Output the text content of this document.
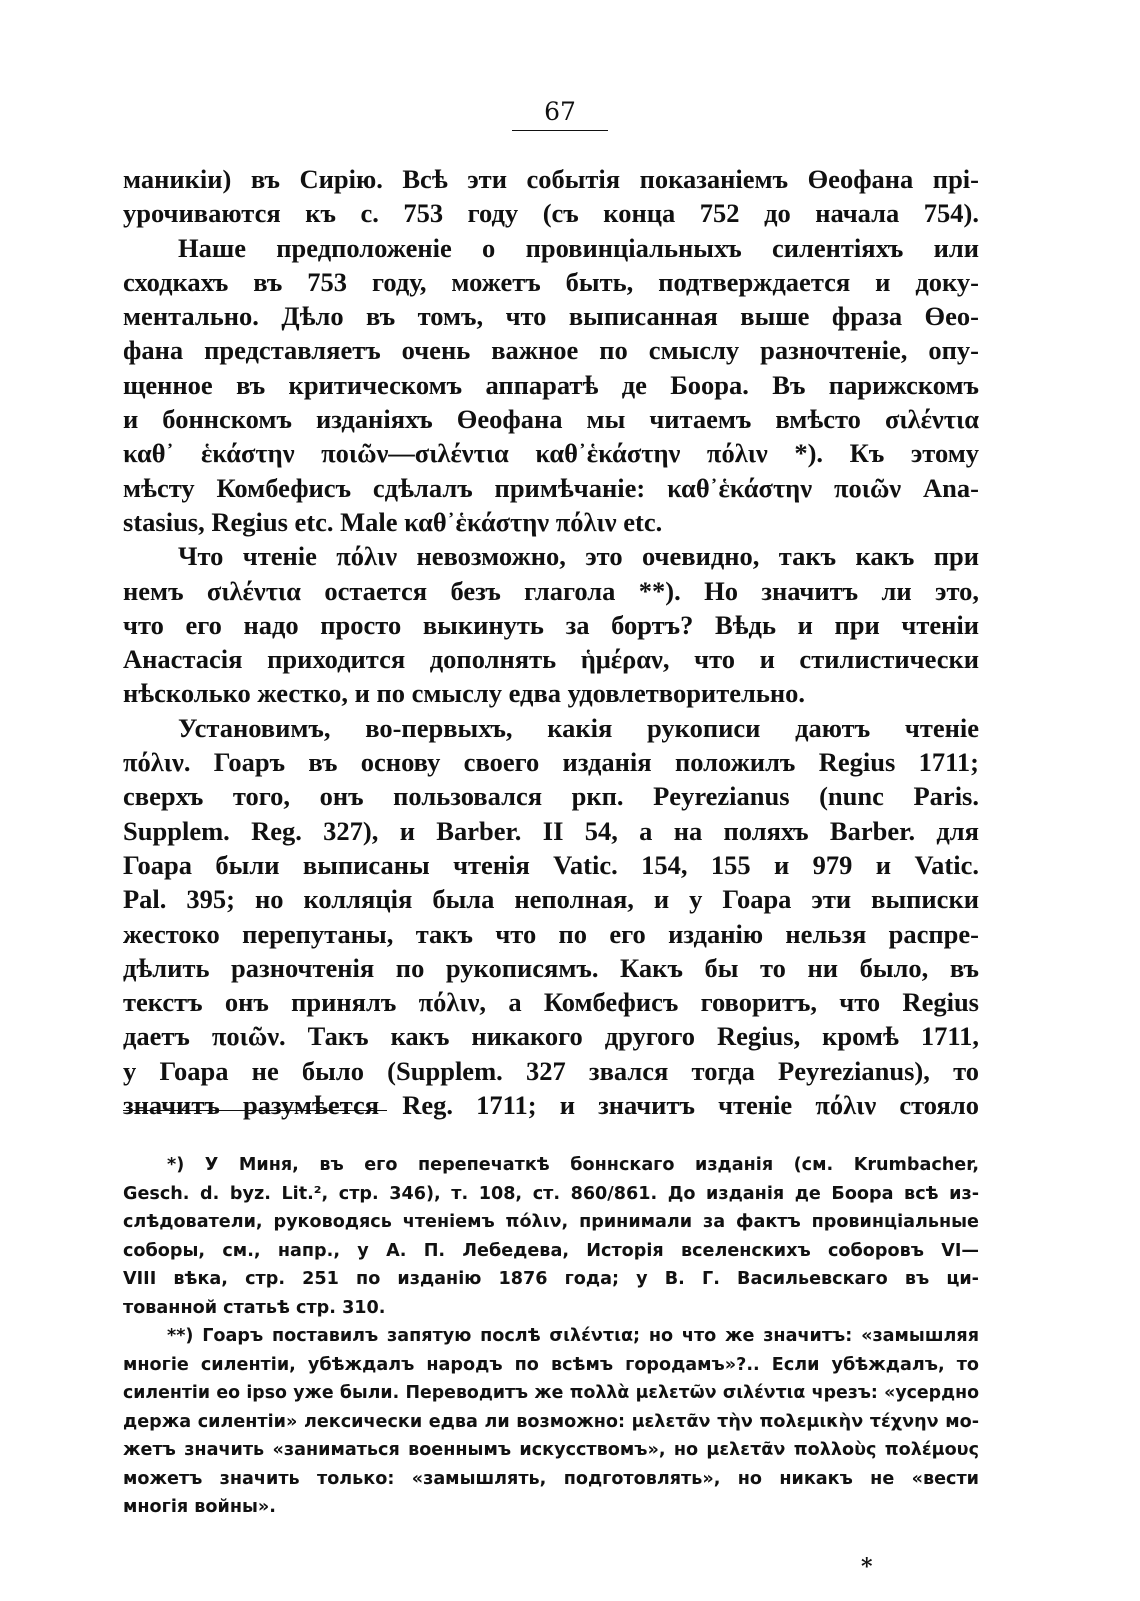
67
маникіи) въ Сирію. Всѣ эти событія показаніемъ Өеофана прі-
урочиваются къ с. 753 году (съ конца 752 до начала 754).
Наше предположеніе о провинціальныхъ силентіяхъ или
сходкахъ въ 753 году, можетъ быть, подтверждается и доку-
ментально. Дѣло въ томъ, что выписанная выше фраза Өео-
фана представляетъ очень важное по смыслу разночтеніе, опу-
щенное въ критическомъ аппаратѣ де Боора. Въ парижскомъ
и боннскомъ изданіяхъ Өеофана мы читаемъ вмѣсто σιλέντια
καθ᾽ ἑκάστην ποιῶν—σιλέντια καθ᾽ἑκάστην πόλιν *). Къ этому
мѣсту Комбефисъ сдѣлалъ примѣчаніе: καθ᾽ἑκάστην ποιῶν Ana-
stasius, Regius etc. Male καθ᾽ἑκάστην πόλιν etc.
Что чтеніе πόλιν невозможно, это очевидно, такъ какъ при
немъ σιλέντια остается безъ глагола **). Но значитъ ли это,
что его надо просто выкинуть за бортъ? Вѣдь и при чтеніи
Анастасія приходится дополнять ἡμέραν, что и стилистически
нѣсколько жестко, и по смыслу едва удовлетворительно.
Установимъ, во-первыхъ, какія рукописи даютъ чтеніе
πόλιν. Гоаръ въ основу своего изданія положилъ Regius 1711;
сверхъ того, онъ пользовался ркп. Peyrezianus (nunc Paris.
Supplem. Reg. 327), и Barber. II 54, а на поляхъ Barber. для
Гоара были выписаны чтенія Vatic. 154, 155 и 979 и Vatic.
Pal. 395; но колляція была неполная, и у Гоара эти выписки
жестоко перепутаны, такъ что по его изданію нельзя распре-
дѣлить разночтенія по рукописямъ. Какъ бы то ни было, въ
текстъ онъ принялъ πόλιν, а Комбефисъ говоритъ, что Regius
даетъ ποιῶν. Такъ какъ никакого другого Regius, кромѣ 1711,
у Гоара не было (Supplem. 327 звался тогда Peyrezianus), то
значитъ разумѣется Reg. 1711; и значитъ чтеніе πόλιν стояло
*) У Миня, въ его перепечаткѣ боннскаго изданія (см. Krumbacher,
Gesch. d. byz. Lit.², стр. 346), т. 108, ст. 860/861. До изданія де Боора всѣ из-
слѣдователи, руководясь чтеніемъ πόλιν, принимали за фактъ провинціальные
соборы, см., напр., у А. П. Лебедева, Исторія вселенскихъ соборовъ VI—
VIII вѣка, стр. 251 по изданію 1876 года; у В. Г. Васильевскаго въ ци-
тованной статьѣ стр. 310.
**) Гоаръ поставилъ запятую послѣ σιλέντια; но что же значитъ: «замышляя
многіе силентіи, убѣждалъ народъ по всѣмъ городамъ»?.. Если убѣждалъ, то
силентіи ео ipso уже были. Переводитъ же πολλὰ μελετῶν σιλέντια чрезъ: «усердно
держа силентіи» лексически едва ли возможно: μελετᾶν τὴν πολεμικὴν τέχνην мо-
жетъ значить «заниматься военнымъ искусствомъ», но μελετᾶν πολλοὺς πολέμους
можетъ значить только: «замышлять, подготовлять», но никакъ не «вести
многія войны».
*
